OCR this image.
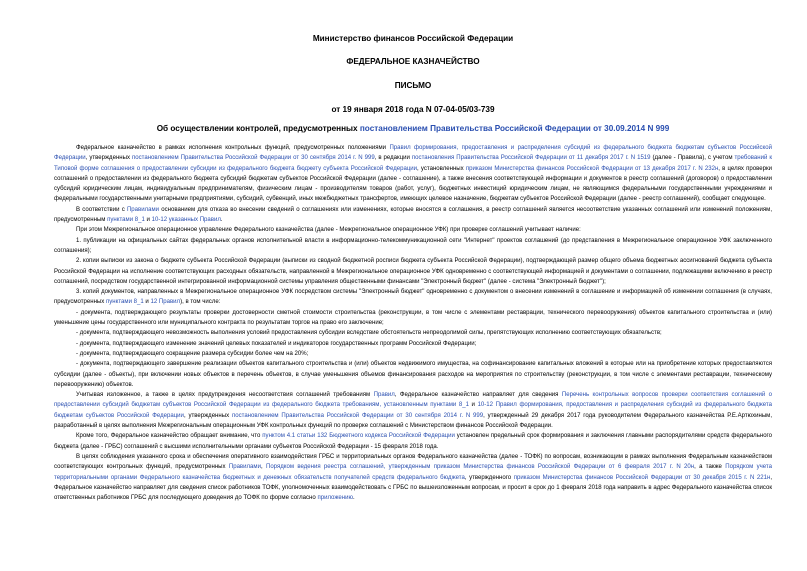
Министерство финансов Российской Федерации
ФЕДЕРАЛЬНОЕ КАЗНАЧЕЙСТВО
ПИСЬМО
от 19 января 2018 года N 07-04-05/03-739
Об осуществлении контролей, предусмотренных постановлением Правительства Российской Федерации от 30.09.2014 N 999

Федеральное казначейство в рамках исполнения контрольных функций, предусмотренных положениями Правил формирования, предоставления и распределения субсидий из федерального бюджета бюджетам субъектов Российской Федерации, утвержденных постановлением Правительства Российской Федерации от 30 сентября 2014 г. N 999, в редакции постановления Правительства Российской Федерации от 11 декабря 2017 г. N 1519 (далее - Правила), с учетом требований к Типовой форме соглашения о предоставлении субсидии из федерального бюджета бюджету субъекта Российской Федерации, установленных приказом Министерства финансов Российской Федерации от 13 декабря 2017 г. N 232н, в целях проверки соглашений о предоставлении из федерального бюджета субсидий бюджетам субъектов Российской Федерации (далее - соглашение), а также внесения соответствующей информации и документов в реестр соглашений (договоров) о предоставлении субсидий юридическим лицам, индивидуальным предпринимателям, физическим лицам - производителям товаров (работ, услуг), бюджетных инвестиций юридическим лицам, не являющимся федеральными государственными учреждениями и федеральными государственными унитарными предприятиями, субсидий, субвенций, иных межбюджетных трансфертов, имеющих целевое назначение, бюджетам субъектов Российской Федерации (далее - реестр соглашений), сообщает следующее.

В соответствии с Правилами основанием для отказа во внесении сведений о соглашениях или изменениях, которые вносятся в соглашения, в реестр соглашений является несоответствие указанных соглашений или изменений положениям, предусмотренным пунктами 8_1 и 10-12 указанных Правил.

При этом Межрегиональное операционное управление Федерального казначейства (далее - Межрегиональное операционное УФК) при проверке соглашений учитывает наличие:

1. публикации на официальных сайтах федеральных органов исполнительной власти в информационно-телекоммуникационной сети "Интернет" проектов соглашений (до представления в Межрегиональное операционное УФК заключенного соглашения);

2. копии выписки из закона о бюджете субъекта Российской Федерации (выписки из сводной бюджетной росписи бюджета субъекта Российской Федерации), подтверждающей размер общего объема бюджетных ассигнований бюджета субъекта Российской Федерации на исполнение соответствующих расходных обязательств, направленной в Межрегиональное операционное УФК одновременно с соответствующей информацией и документами о соглашении, подлежащими включению в реестр соглашений, посредством государственной интегрированной информационной системы управления общественными финансами "Электронный бюджет" (далее - система "Электронный бюджет");

3. копий документов, направленных в Межрегиональное операционное УФК посредством системы "Электронный бюджет" одновременно с документом о внесении изменений в соглашение и информацией об изменении соглашения (в случаях, предусмотренных пунктами 8_1 и 12 Правил), в том числе:

- документа, подтверждающего результаты проверки достоверности сметной стоимости строительства (реконструкции, в том числе с элементами реставрации, технического перевооружения) объектов капитального строительства и (или) уменьшение цены государственного или муниципального контракта по результатам торгов на право его заключение;

- документа, подтверждающего невозможность выполнения условий предоставления субсидии вследствие обстоятельств непреодолимой силы, препятствующих исполнению соответствующих обязательств;

- документа, подтверждающего изменение значений целевых показателей и индикаторов государственных программ Российской Федерации;

- документа, подтверждающего сокращение размера субсидии более чем на 20%;

- документа, подтверждающего завершение реализации объектов капитального строительства и (или) объектов недвижимого имущества, на софинансирование капитальных вложений в которые или на приобретение которых предоставляются субсидии (далее - объекты), при включении новых объектов в перечень объектов, в случае уменьшения объемов финансирования расходов на мероприятия по строительству (реконструкции, в том числе с элементами реставрации, техническому перевооружению) объектов.

Учитывая изложенное, а также в целях предупреждения несоответствия соглашений требованиям Правил, Федеральное казначейство направляет для сведения Перечень контрольных вопросов проверки соответствия соглашений о предоставлении субсидий бюджетам субъектов Российской Федерации из федерального бюджета требованиям, установленным пунктами 8_1 и 10-12 Правил формирования, предоставления и распределения субсидий из федерального бюджета бюджетам субъектов Российской Федерации, утвержденных постановлением Правительства Российской Федерации от 30 сентября 2014 г. N 999, утвержденный 29 декабря 2017 года руководителем Федерального казначейства Р.Е.Артюхиным, разработанный в целях выполнения Межрегиональным операционным УФК контрольных функций по проверке соглашений с Министерством финансов Российской Федерации.

Кроме того, Федеральное казначейство обращает внимание, что пунктом 4.1 статьи 132 Бюджетного кодекса Российской Федерации установлен предельный срок формирования и заключения главными распорядителями средств федерального бюджета (далее - ГРБС) соглашений с высшими исполнительными органами субъектов Российской Федерации - 15 февраля 2018 года.

В целях соблюдения указанного срока и обеспечения оперативного взаимодействия ГРБС и территориальных органов Федерального казначейства (далее - ТОФК) по вопросам, возникающим в рамках выполнения Федеральным казначейством соответствующих контрольных функций, предусмотренных Правилами, Порядком ведения реестра соглашений, утвержденным приказом Министерства финансов Российской Федерации от 6 февраля 2017 г. N 20н, а также Порядком учета территориальными органами Федерального казначейства бюджетных и денежных обязательств получателей средств федерального бюджета, утвержденного приказом Министерства финансов Российской Федерации от 30 декабря 2015 г. N 221н, Федеральное казначейство направляет для сведения список работников ТОФК, уполномоченных взаимодействовать с ГРБС по вышеизложенным вопросам, и просит в срок до 1 февраля 2018 года направить в адрес Федерального казначейства список ответственных работников ГРБС для последующего доведения до ТОФК по форме согласно приложению.
